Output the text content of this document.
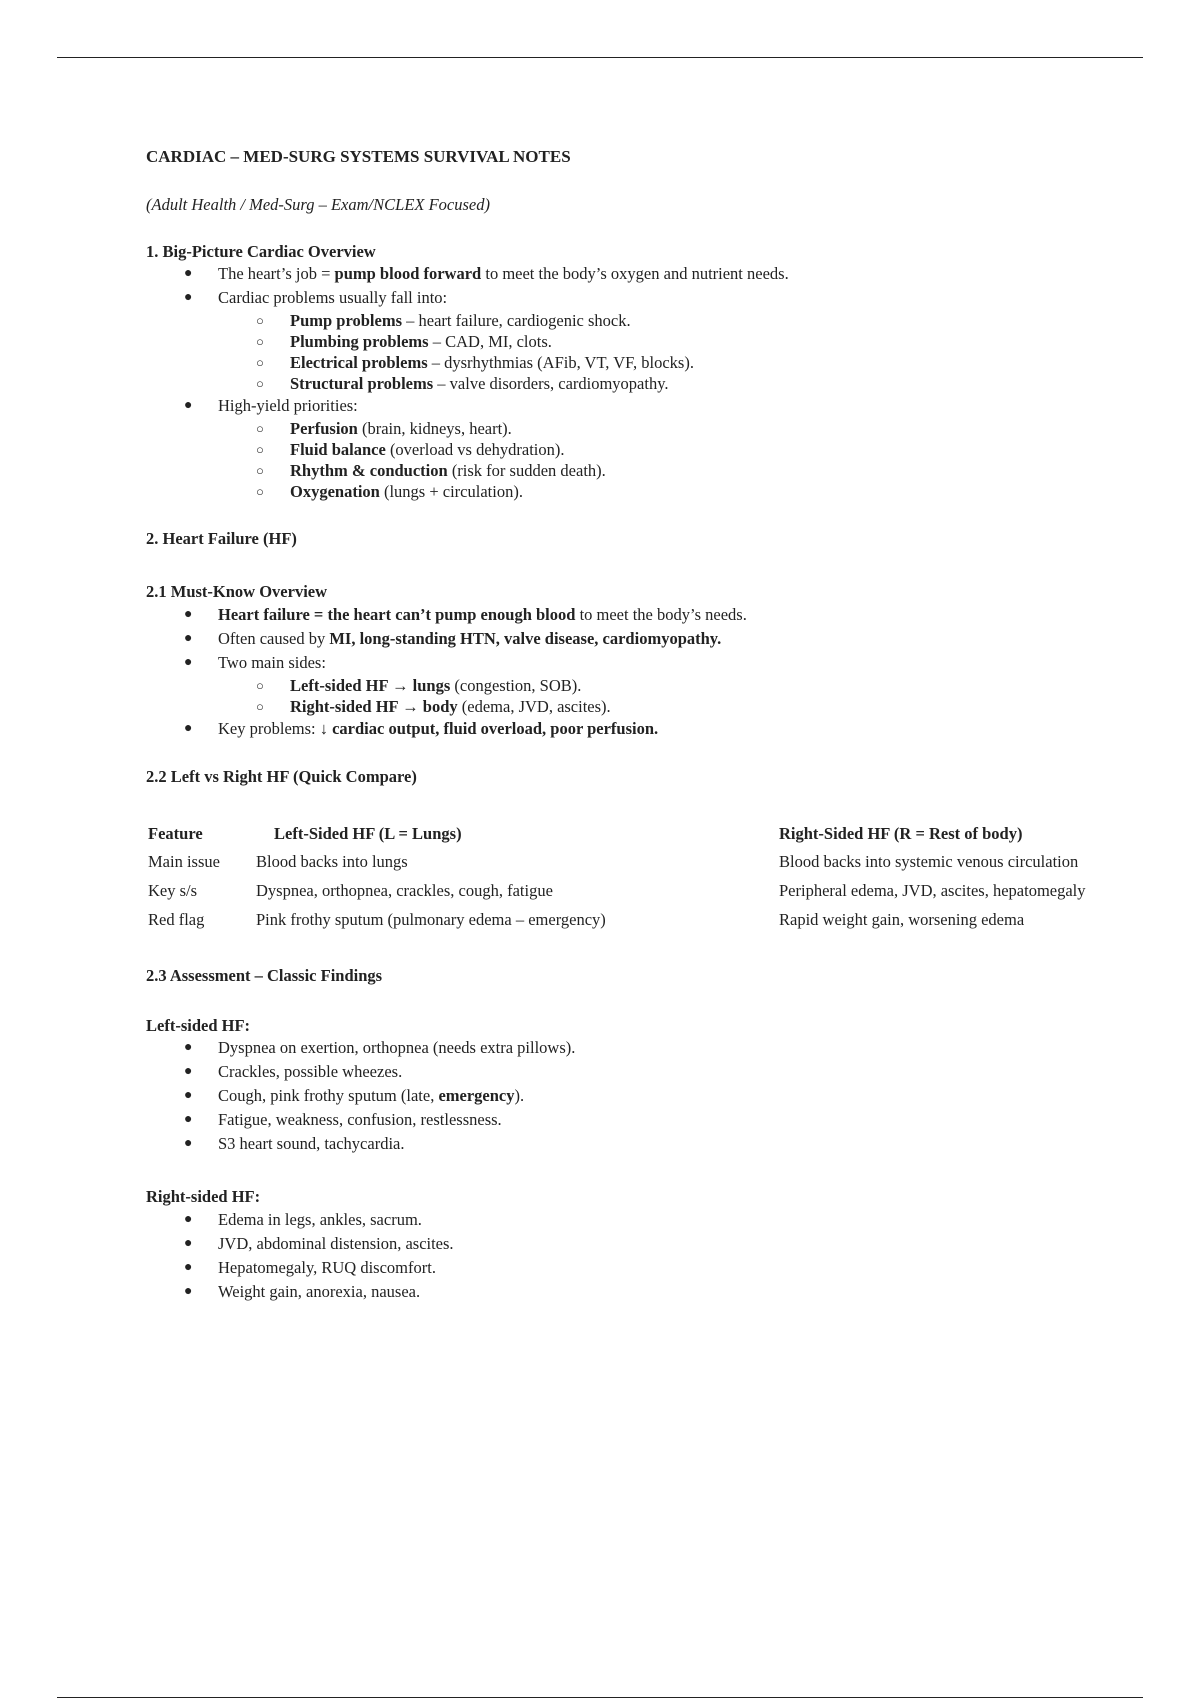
CARDIAC – MED-SURG SYSTEMS SURVIVAL NOTES
(Adult Health / Med-Surg – Exam/NCLEX Focused)
1. Big-Picture Cardiac Overview
● The heart’s job = pump blood forward to meet the body’s oxygen and nutrient needs.
● Cardiac problems usually fall into:
○ Pump problems – heart failure, cardiogenic shock.
○ Plumbing problems – CAD, MI, clots.
○ Electrical problems – dysrhythmias (AFib, VT, VF, blocks).
○ Structural problems – valve disorders, cardiomyopathy.
● High-yield priorities:
○ Perfusion (brain, kidneys, heart).
○ Fluid balance (overload vs dehydration).
○ Rhythm & conduction (risk for sudden death).
○ Oxygenation (lungs + circulation).
2. Heart Failure (HF)
2.1 Must-Know Overview
● Heart failure = the heart can’t pump enough blood to meet the body’s needs.
● Often caused by MI, long-standing HTN, valve disease, cardiomyopathy.
● Two main sides:
○ Left-sided HF → lungs (congestion, SOB).
○ Right-sided HF → body (edema, JVD, ascites).
● Key problems: ↓ cardiac output, fluid overload, poor perfusion.
2.2 Left vs Right HF (Quick Compare)
Feature	Left-Sided HF (L = Lungs)	Right-Sided HF (R = Rest of body)
Main issue	Blood backs into lungs	Blood backs into systemic venous circulation
Key s/s	Dyspnea, orthopnea, crackles, cough, fatigue	Peripheral edema, JVD, ascites, hepatomegaly
Red flag	Pink frothy sputum (pulmonary edema – emergency)	Rapid weight gain, worsening edema
2.3 Assessment – Classic Findings
Left-sided HF:
● Dyspnea on exertion, orthopnea (needs extra pillows).
● Crackles, possible wheezes.
● Cough, pink frothy sputum (late, emergency).
● Fatigue, weakness, confusion, restlessness.
● S3 heart sound, tachycardia.
Right-sided HF:
● Edema in legs, ankles, sacrum.
● JVD, abdominal distension, ascites.
● Hepatomegaly, RUQ discomfort.
● Weight gain, anorexia, nausea.
